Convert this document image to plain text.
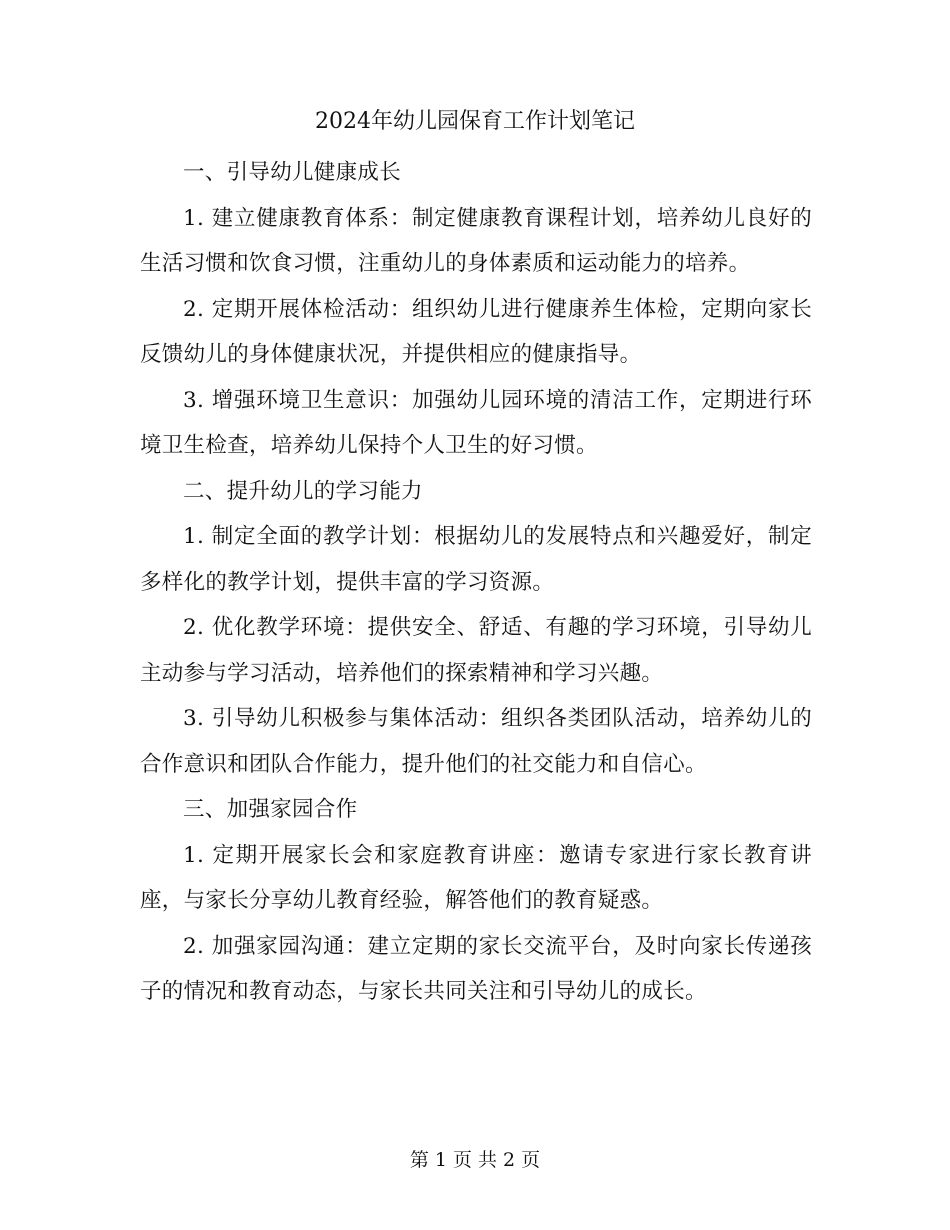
2024年幼儿园保育工作计划笔记

一、引导幼儿健康成长

1. 建立健康教育体系：制定健康教育课程计划，培养幼儿良好的生活习惯和饮食习惯，注重幼儿的身体素质和运动能力的培养。

2. 定期开展体检活动：组织幼儿进行健康养生体检，定期向家长反馈幼儿的身体健康状况，并提供相应的健康指导。

3. 增强环境卫生意识：加强幼儿园环境的清洁工作，定期进行环境卫生检查，培养幼儿保持个人卫生的好习惯。

二、提升幼儿的学习能力

1. 制定全面的教学计划：根据幼儿的发展特点和兴趣爱好，制定多样化的教学计划，提供丰富的学习资源。

2. 优化教学环境：提供安全、舒适、有趣的学习环境，引导幼儿主动参与学习活动，培养他们的探索精神和学习兴趣。

3. 引导幼儿积极参与集体活动：组织各类团队活动，培养幼儿的合作意识和团队合作能力，提升他们的社交能力和自信心。

三、加强家园合作

1. 定期开展家长会和家庭教育讲座：邀请专家进行家长教育讲座，与家长分享幼儿教育经验，解答他们的教育疑惑。

2. 加强家园沟通：建立定期的家长交流平台，及时向家长传递孩子的情况和教育动态，与家长共同关注和引导幼儿的成长。

第 1 页 共 2 页
